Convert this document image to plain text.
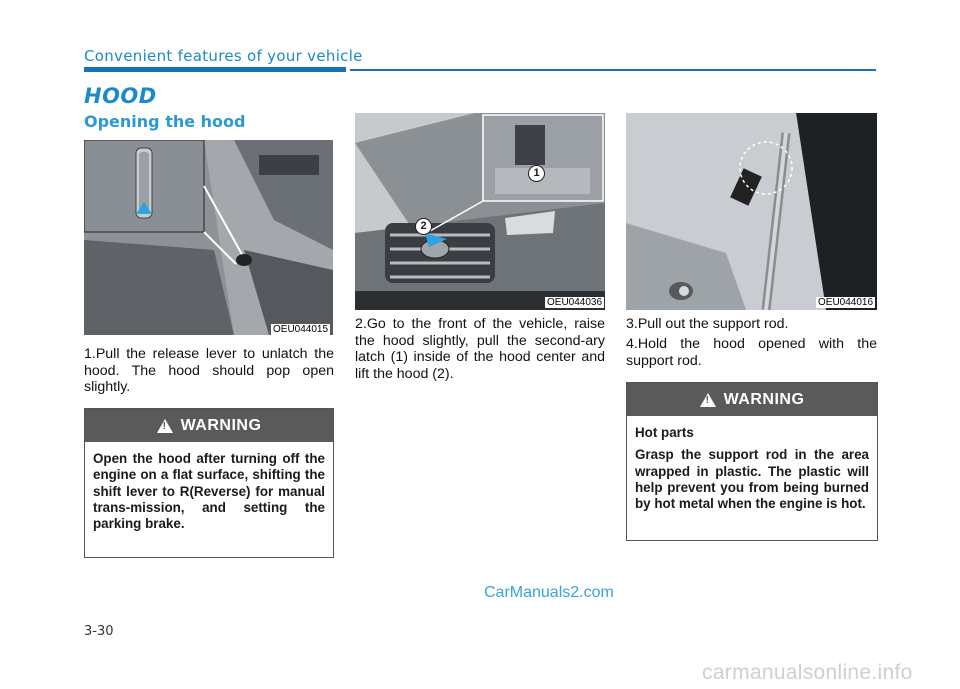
Convenient features of your vehicle
HOOD
Opening the hood
OEU044015
1
2
OEU044036	OEU044016
1.Pull the release lever to unlatch the hood. The hood should pop open slightly.
2.Go to the front of the vehicle, raise the hood slightly, pull the second-ary latch (1) inside of the hood center and lift the hood (2).
3.Pull out the support rod.
4.Hold the hood opened with the support rod.
!
WARNING

Open the hood after turning off the engine on a flat surface, shifting the shift lever to R(Reverse) for manual trans-mission, and setting the parking brake.

!
WARNING

Hot parts

Grasp the support rod in the area wrapped in plastic. The plastic will help prevent you from being burned by hot metal when the engine is hot.

3-30
CarManuals2.com
carmanualsonline.info
